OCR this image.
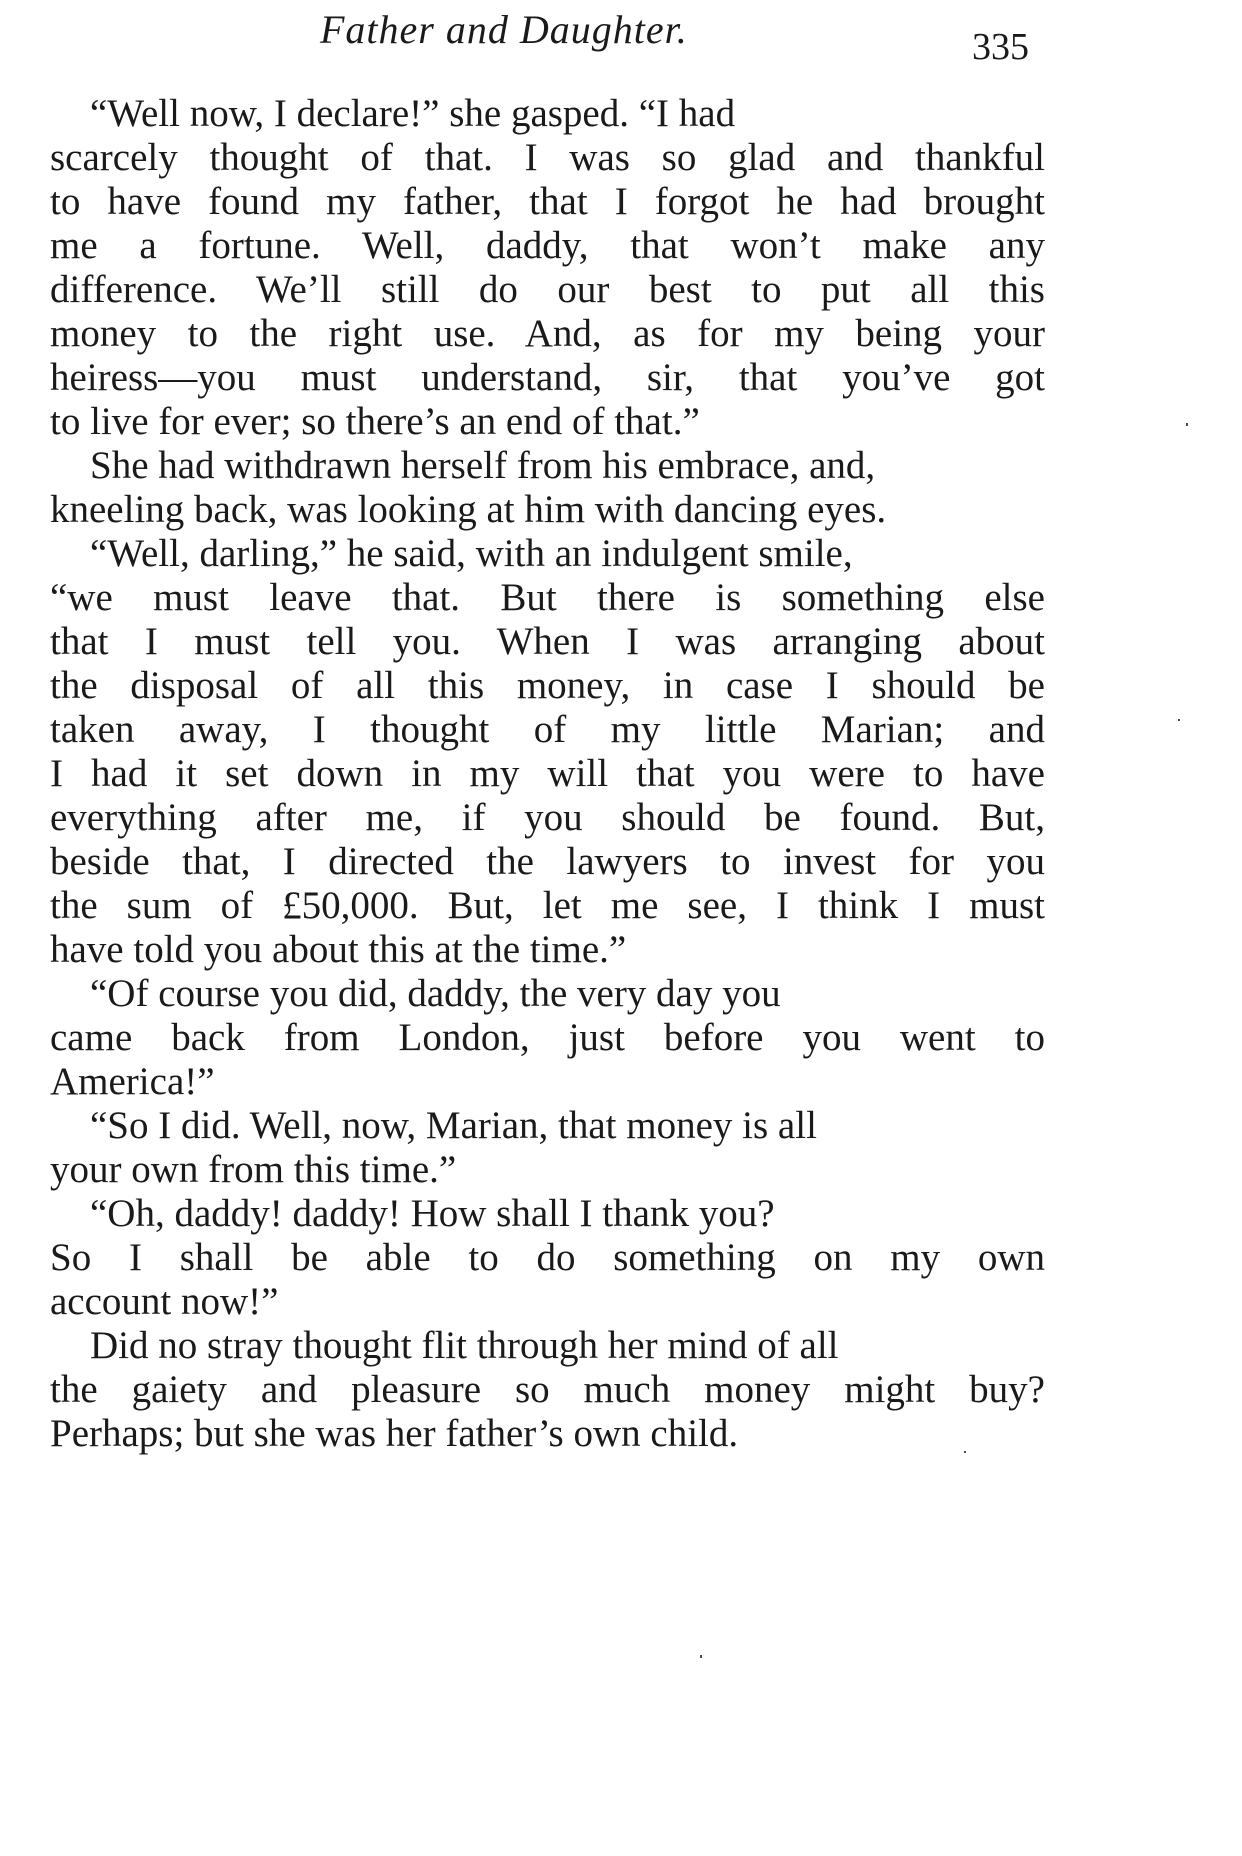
Father and Daughter.	335
“Well now, I declare!” she gasped. “I had
scarcely thought of that. I was so glad and thankful
to have found my father, that I forgot he had brought
me a fortune. Well, daddy, that won’t make any
difference. We’ll still do our best to put all this
money to the right use. And, as for my being your
heiress—you must understand, sir, that you’ve got
to live for ever; so there’s an end of that.”
She had withdrawn herself from his embrace, and,
kneeling back, was looking at him with dancing eyes.
“Well, darling,” he said, with an indulgent smile,
“we must leave that. But there is something else
that I must tell you. When I was arranging about
the disposal of all this money, in case I should be
taken away, I thought of my little Marian; and
I had it set down in my will that you were to have
everything after me, if you should be found. But,
beside that, I directed the lawyers to invest for you
the sum of £50,000. But, let me see, I think I must
have told you about this at the time.”
“Of course you did, daddy, the very day you
came back from London, just before you went to
America!”
“So I did. Well, now, Marian, that money is all
your own from this time.”
“Oh, daddy! daddy! How shall I thank you?
So I shall be able to do something on my own
account now!”
Did no stray thought flit through her mind of all
the gaiety and pleasure so much money might buy?
Perhaps; but she was her father’s own child.
